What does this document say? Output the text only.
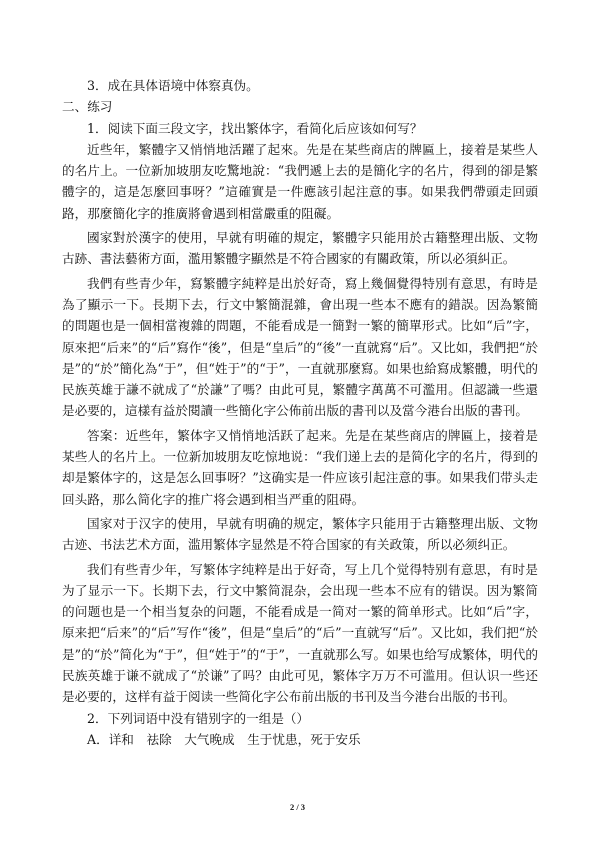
3．成在具体语境中体察真伪。

二、练习

1．阅读下面三段文字，找出繁体字，看简化后应该如何写？

近些年，繁體字又悄悄地活躍了起來。先是在某些商店的牌匾上，接着是某些人的名片上。一位新加坡朋友吃驚地說：“我們遞上去的是簡化字的名片，得到的卻是繁體字的，這是怎麼回事呀？”這確實是一件應該引起注意的事。如果我們帶頭走回頭路，那麼簡化字的推廣將會遇到相當嚴重的阻礙。

國家對於漢字的使用，早就有明確的規定，繁體字只能用於古籍整理出版、文物古跡、書法藝術方面，濫用繁體字顯然是不符合國家的有關政策，所以必須糾正。

我們有些青少年，寫繁體字純粹是出於好奇，寫上幾個覺得特別有意思，有時是為了顯示一下。長期下去，行文中繁簡混雜，會出現一些本不應有的錯誤。因為繁簡的問題也是一個相當複雜的問題，不能看成是一簡對一繁的簡單形式。比如“后”字，原來把“后来”的“后”寫作“後”，但是“皇后”的“後”一直就寫“后”。又比如，我們把“於是”的“於”簡化為“于”，但“姓于”的“于”，一直就那麼寫。如果也給寫成繁體，明代的民族英雄于謙不就成了“於謙”了嗎？由此可見，繁體字萬萬不可濫用。但認識一些還是必要的，這樣有益於閱讀一些簡化字公佈前出版的書刊以及當今港台出版的書刊。

答案：近些年，繁体字又悄悄地活跃了起来。先是在某些商店的牌匾上，接着是某些人的名片上。一位新加坡朋友吃惊地说：“我们递上去的是简化字的名片，得到的却是繁体字的，这是怎么回事呀？”这确实是一件应该引起注意的事。如果我们带头走回头路，那么简化字的推广将会遇到相当严重的阻碍。

国家对于汉字的使用，早就有明确的规定，繁体字只能用于古籍整理出版、文物古迹、书法艺术方面，滥用繁体字显然是不符合国家的有关政策，所以必须纠正。

我们有些青少年，写繁体字纯粹是出于好奇，写上几个觉得特别有意思，有时是为了显示一下。长期下去，行文中繁简混杂，会出现一些本不应有的错误。因为繁简的问题也是一个相当复杂的问题，不能看成是一简对一繁的简单形式。比如“后”字，原来把“后来”的“后”写作“後”，但是“皇后”的“后”一直就写“后”。又比如，我们把“於是”的“於”简化为“于”，但“姓于”的“于”，一直就那么写。如果也给写成繁体，明代的民族英雄于谦不就成了“於谦”了吗？由此可见，繁体字万万不可滥用。但认识一些还是必要的，这样有益于阅读一些简化字公布前出版的书刊及当今港台出版的书刊。

2．下列词语中没有错别字的一组是（）

A．详和　祛除　大气晚成　生于忧患，死于安乐

2 / 3
